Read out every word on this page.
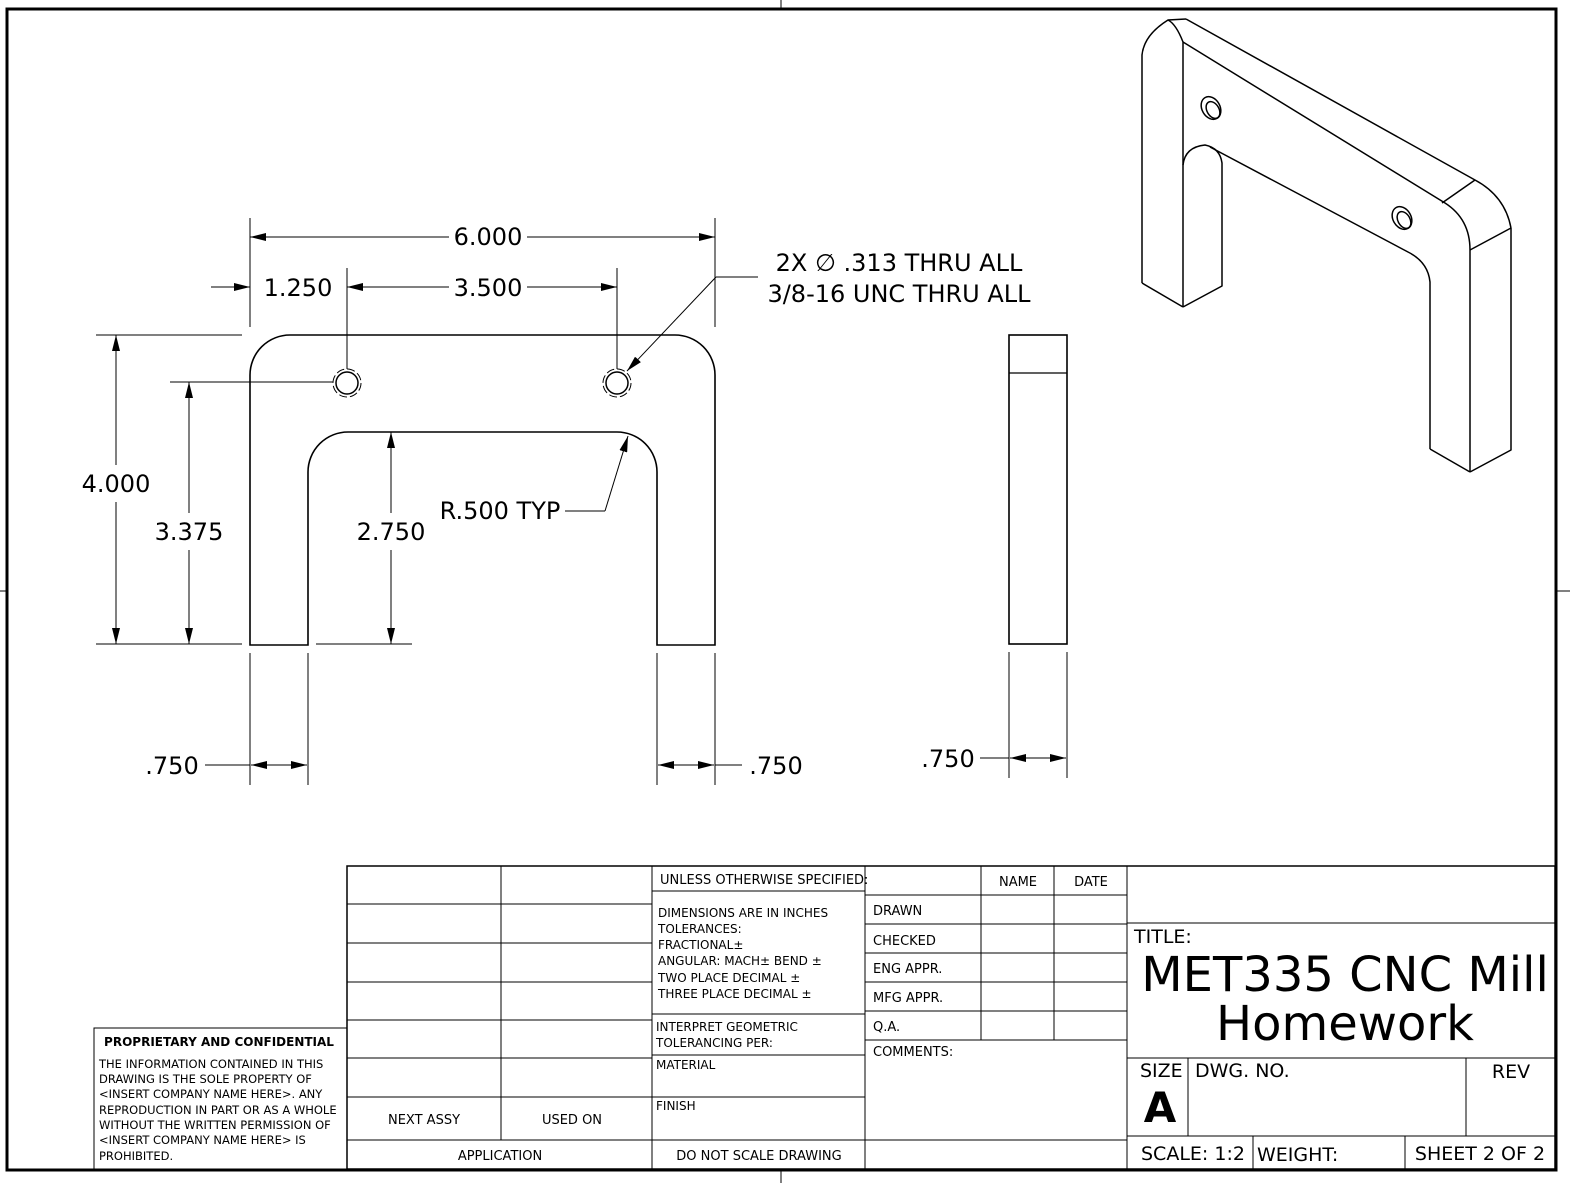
6.000
1.250	3.500
2X ∅ .313 THRU ALL
3/8-16 UNC THRU ALL
4.000
3.375	2.750
R.500 TYP
.750	.750	.750
NEXT ASSY	USED ON
APPLICATION
UNLESS OTHERWISE SPECIFIED:
DIMENSIONS ARE IN INCHES
TOLERANCES:
FRACTIONAL±
ANGULAR: MACH± BEND ±
TWO PLACE DECIMAL ±
THREE PLACE DECIMAL ±
INTERPRET GEOMETRIC
TOLERANCING PER:
MATERIAL
FINISH
DO NOT SCALE DRAWING
NAME	DATE
DRAWN
CHECKED
ENG APPR.
MFG APPR.
Q.A.
COMMENTS:
TITLE:
MET335 CNC Mill
Homework
SIZE
A
DWG. NO.	REV
SCALE: 1:2 WEIGHT:	SHEET 2 OF 2
PROPRIETARY AND CONFIDENTIAL
THE INFORMATION CONTAINED IN THIS
DRAWING IS THE SOLE PROPERTY OF
<INSERT COMPANY NAME HERE>. ANY
REPRODUCTION IN PART OR AS A WHOLE
WITHOUT THE WRITTEN PERMISSION OF
<INSERT COMPANY NAME HERE> IS
PROHIBITED.
